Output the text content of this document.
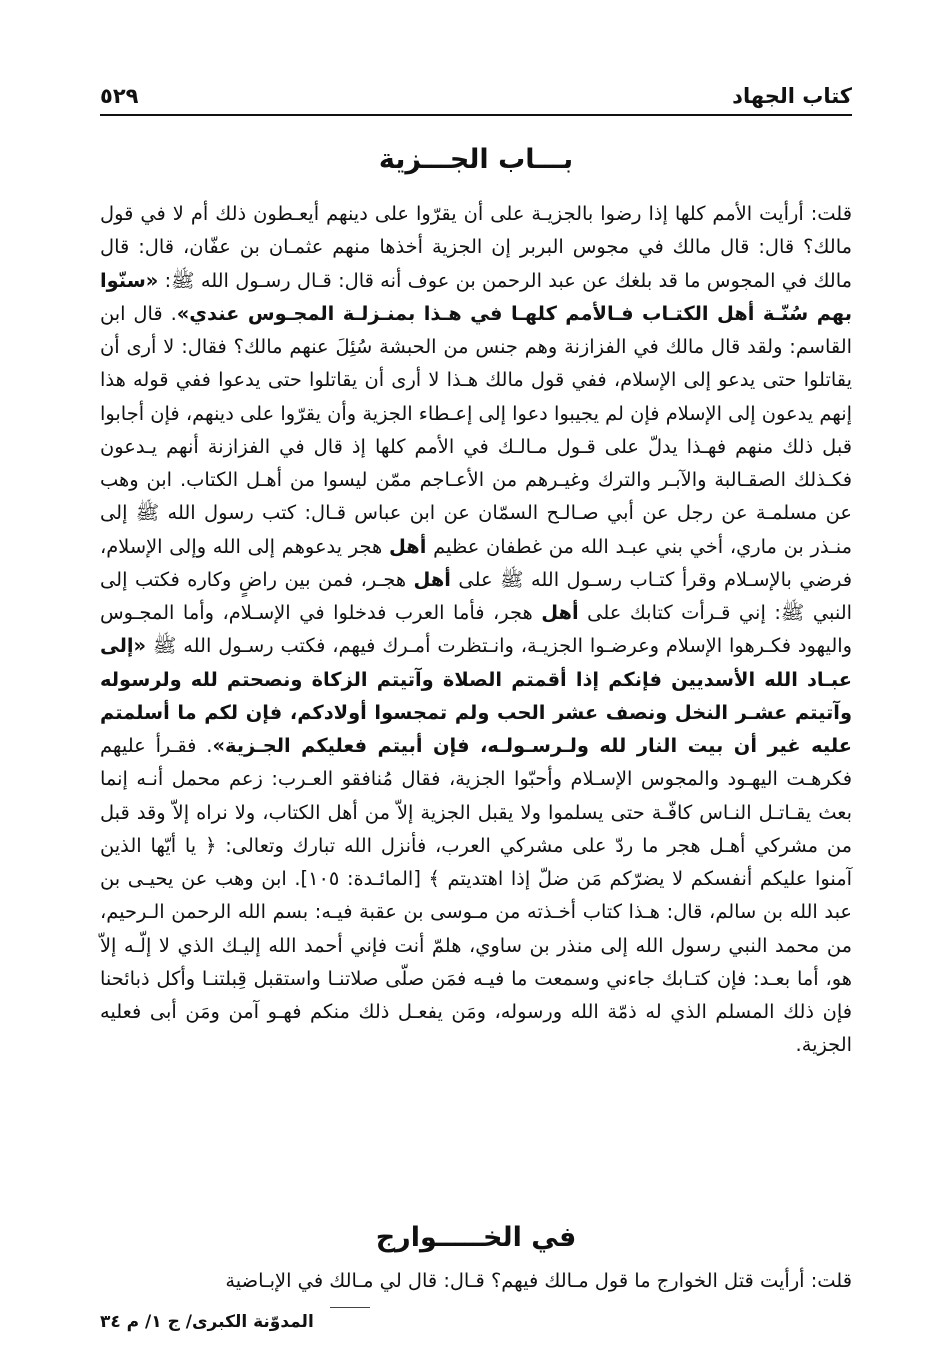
كتاب الجهاد
٥٢٩
بـــاب الجـــزية

قلت: أرأيت الأمم كلها إذا رضوا بالجزيـة على أن يقرّوا على دينهم أيعـطون ذلك أم لا في قول مالك؟ قال: قال مالك في مجوس البربر إن الجزية أخذها منهم عثمـان بن عفّان، قال: قال مالك في المجوس ما قد بلغك عن عبد الرحمن بن عوف أنه قال: قـال رسـول الله ﷺ: «سنّوا بهم سُنّـة أهل الكتـاب فـالأمم كلهـا في هـذا بمنـزلـة المجـوس عندي». قال ابن القاسم: ولقد قال مالك في الفزازنة وهم جنس من الحبشة سُئِلَ عنهم مالك؟ فقال: لا أرى أن يقاتلوا حتى يدعو إلى الإسلام، ففي قول مالك هـذا لا أرى أن يقاتلوا حتى يدعوا ففي قوله هذا إنهم يدعون إلى الإسلام فإن لم يجيبوا دعوا إلى إعـطاء الجزية وأن يقرّوا على دينهم، فإن أجابوا قبل ذلك منهم فهـذا يدلّ على قـول مـالـك في الأمم كلها إذ قال في الفزازنة أنهم يـدعون فكـذلك الصقـالبة والآبـر والترك وغيـرهم من الأعـاجم ممّن ليسوا من أهـل الكتاب. ابن وهب عن مسلمـة عن رجل عن أبي صـالـح السمّان عن ابن عباس قـال: كتب رسول الله ﷺ إلى منـذر بن ماري، أخي بني عبـد الله من غطفان عظيم أهل هجر يدعوهم إلى الله وإلى الإسلام، فرضي بالإسـلام وقرأ كتـاب رسـول الله ﷺ على أهل هجـر، فمن بين راضٍ وكاره فكتب إلى النبي ﷺ: إني قـرأت كتابك على أهل هجر، فأما العرب فدخلوا في الإسـلام، وأما المجـوس واليهود فكـرهوا الإسلام وعرضـوا الجزيـة، وانـتظرت أمـرك فيهم، فكتب رسـول الله ﷺ «إلى عبـاد الله الأسديين فإنكم إذا أقمتم الصلاة وآتيتم الزكاة ونصحتم لله ولرسوله وآتيتم عشـر النخل ونصف عشر الحب ولم تمجسوا أولادكم، فإن لكم ما أسلمتم عليه غير أن بيت النار لله ولـرسـولـه، فإن أبيتم فعليكم الجـزية». فقـرأ عليهم فكرهـت اليهـود والمجوس الإسـلام وأحبّوا الجزية، فقال مُنافقو العـرب: زعم محمل أنـه إنما بعث يقـاتـل النـاس كافّـة حتى يسلموا ولا يقبل الجزية إلاّ من أهل الكتاب، ولا نراه إلاّ وقد قبل من مشركي أهـل هجر ما ردّ على مشركي العرب، فأنزل الله تبارك وتعالى: ﴿ يا أيّها الذين آمنوا عليكم أنفسكم لا يضرّكم مَن ضلّ إذا اهتديتم ﴾ [المائـدة: ١٠٥]. ابن وهب عن يحيـى بن عبد الله بن سالم، قال: هـذا كتاب أخـذته من مـوسى بن عقبة فيـه: بسم الله الرحمن الـرحيم، من محمد النبي رسول الله إلى منذر بن ساوي، هلمّ أنت فإني أحمد الله إليـك الذي لا إلّـه إلاّ هو، أما بعـد: فإن كتـابك جاءني وسمعت ما فيـه فمَن صلّى صلاتنـا واستقبل قِبلتنـا وأكل ذبائحنا فإن ذلك المسلم الذي له ذمّة الله ورسوله، ومَن يفعـل ذلك منكم فهـو آمن ومَن أبى فعليه الجزية.

في الخـــــوارج

قلت: أرأيت قتل الخوارج ما قول مـالك فيهم؟ قـال: قال لي مـالك في الإبـاضية

المدوّنة الكبرى/ ج ١/ م ٣٤
